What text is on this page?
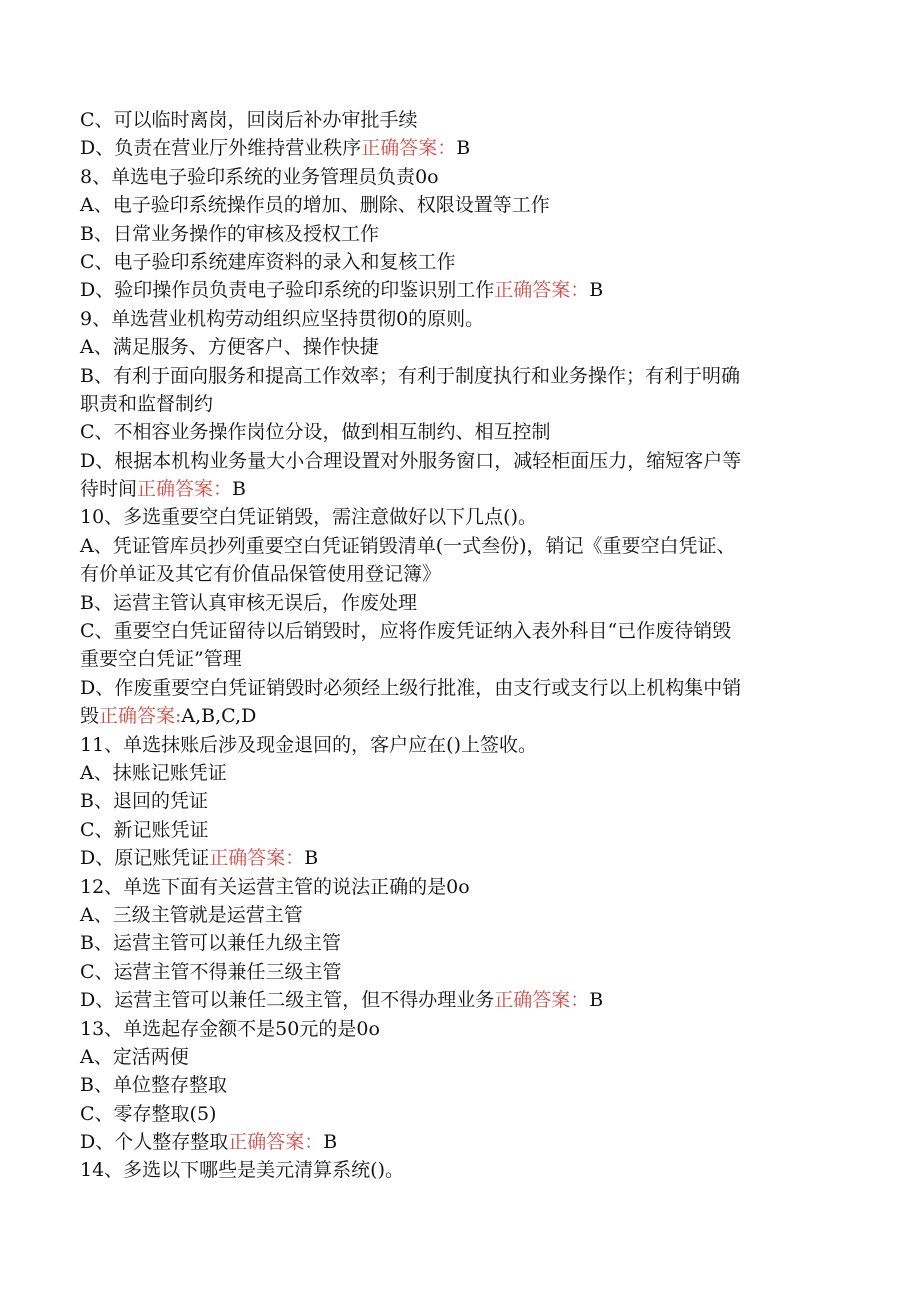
C、可以临时离岗，回岗后补办审批手续
D、负责在营业厅外维持营业秩序正确答案：B
8、单选电子验印系统的业务管理员负责0o
A、电子验印系统操作员的增加、删除、权限设置等工作
B、日常业务操作的审核及授权工作
C、电子验印系统建库资料的录入和复核工作
D、验印操作员负责电子验印系统的印鉴识别工作正确答案：B
9、单选营业机构劳动组织应坚持贯彻0的原则。
A、满足服务、方便客户、操作快捷
B、有利于面向服务和提高工作效率；有利于制度执行和业务操作；有利于明确
职责和监督制约
C、不相容业务操作岗位分设，做到相互制约、相互控制
D、根据本机构业务量大小合理设置对外服务窗口，减轻柜面压力，缩短客户等
待时间正确答案：B
10、多选重要空白凭证销毁，需注意做好以下几点()。
A、凭证管库员抄列重要空白凭证销毁清单(一式叁份)，销记《重要空白凭证、
有价单证及其它有价值品保管使用登记簿》
B、运营主管认真审核无误后，作废处理
C、重要空白凭证留待以后销毁时，应将作废凭证纳入表外科目“已作废待销毁
重要空白凭证”管理
D、作废重要空白凭证销毁时必须经上级行批准，由支行或支行以上机构集中销
毁正确答案:A,B,C,D
11、单选抹账后涉及现金退回的，客户应在()上签收。
A、抹账记账凭证
B、退回的凭证
C、新记账凭证
D、原记账凭证正确答案：B
12、单选下面有关运营主管的说法正确的是0o
A、三级主管就是运营主管
B、运营主管可以兼任九级主管
C、运营主管不得兼任三级主管
D、运营主管可以兼任二级主管，但不得办理业务正确答案：B
13、单选起存金额不是50元的是0o
A、定活两便
B、单位整存整取
C、零存整取(5)
D、个人整存整取正确答案：B
14、多选以下哪些是美元清算系统()。
